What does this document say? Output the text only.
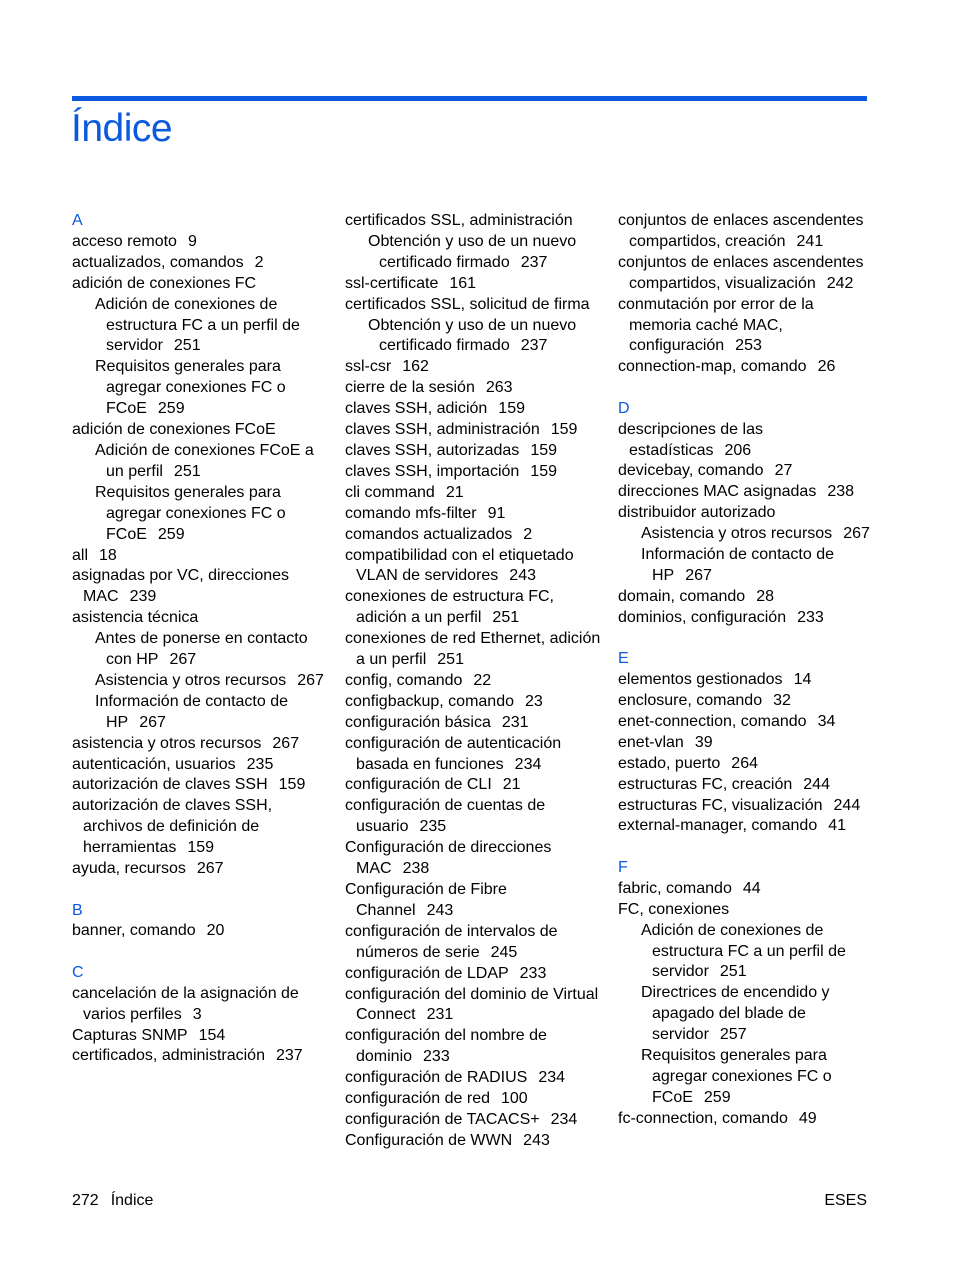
Índice
A
acceso remoto 9
actualizados, comandos 2
adición de conexiones FC
Adición de conexiones de estructura FC a un perfil de servidor 251
Requisitos generales para agregar conexiones FC o FCoE 259
adición de conexiones FCoE
Adición de conexiones FCoE a un perfil 251
Requisitos generales para agregar conexiones FC o FCoE 259
all 18
asignadas por VC, direcciones MAC 239
asistencia técnica
Antes de ponerse en contacto con HP 267
Asistencia y otros recursos 267
Información de contacto de HP 267
asistencia y otros recursos 267
autenticación, usuarios 235
autorización de claves SSH 159
autorización de claves SSH, archivos de definición de herramientas 159
ayuda, recursos 267
B
banner, comando 20
C
cancelación de la asignación de varios perfiles 3
Capturas SNMP 154
certificados, administración 237
certificados SSL, administración
Obtención y uso de un nuevo certificado firmado 237
ssl-certificate 161
certificados SSL, solicitud de firma
Obtención y uso de un nuevo certificado firmado 237
ssl-csr 162
cierre de la sesión 263
claves SSH, adición 159
claves SSH, administración 159
claves SSH, autorizadas 159
claves SSH, importación 159
cli command 21
comando mfs-filter 91
comandos actualizados 2
compatibilidad con el etiquetado VLAN de servidores 243
conexiones de estructura FC, adición a un perfil 251
conexiones de red Ethernet, adición a un perfil 251
config, comando 22
configbackup, comando 23
configuración básica 231
configuración de autenticación basada en funciones 234
configuración de CLI 21
configuración de cuentas de usuario 235
Configuración de direcciones MAC 238
Configuración de Fibre Channel 243
configuración de intervalos de números de serie 245
configuración de LDAP 233
configuración del dominio de Virtual Connect 231
configuración del nombre de dominio 233
configuración de RADIUS 234
configuración de red 100
configuración de TACACS+ 234
Configuración de WWN 243
conjuntos de enlaces ascendentes compartidos, creación 241
conjuntos de enlaces ascendentes compartidos, visualización 242
conmutación por error de la memoria caché MAC, configuración 253
connection-map, comando 26
D
descripciones de las estadísticas 206
devicebay, comando 27
direcciones MAC asignadas 238
distribuidor autorizado
Asistencia y otros recursos 267
Información de contacto de HP 267
domain, comando 28
dominios, configuración 233
E
elementos gestionados 14
enclosure, comando 32
enet-connection, comando 34
enet-vlan 39
estado, puerto 264
estructuras FC, creación 244
estructuras FC, visualización 244
external-manager, comando 41
F
fabric, comando 44
FC, conexiones
Adición de conexiones de estructura FC a un perfil de servidor 251
Directrices de encendido y apagado del blade de servidor 257
Requisitos generales para agregar conexiones FC o FCoE 259
fc-connection, comando 49
272 Índice	ESES
